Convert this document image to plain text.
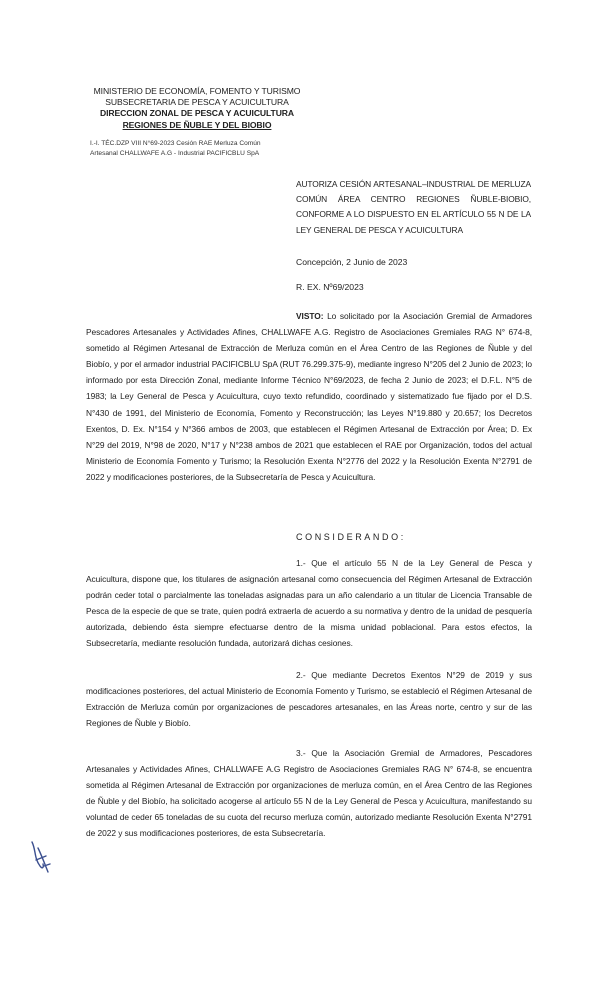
MINISTERIO DE ECONOMÍA, FOMENTO Y TURISMO
SUBSECRETARIA DE PESCA Y ACUICULTURA
DIRECCION ZONAL DE PESCA Y ACUICULTURA
REGIONES DE ÑUBLE Y DEL BIOBIO
I.-I. TÉC.DZP VIII N°69-2023 Cesión RAE Merluza Común
Artesanal CHALLWAFE A.G - Industrial PACIFICBLU SpA
AUTORIZA CESIÓN ARTESANAL–INDUSTRIAL DE MERLUZA COMÚN ÁREA CENTRO REGIONES ÑUBLE-BIOBIO, CONFORME A LO DISPUESTO EN EL ARTÍCULO 55 N DE LA LEY GENERAL DE PESCA Y ACUICULTURA
Concepción, 2 Junio de 2023
R. EX. Nº69/2023
VISTO: Lo solicitado por la Asociación Gremial de Armadores Pescadores Artesanales y Actividades Afines, CHALLWAFE A.G. Registro de Asociaciones Gremiales RAG N° 674-8, sometido al Régimen Artesanal de Extracción de Merluza común en el Área Centro de las Regiones de Ñuble y del Biobío, y por el armador industrial PACIFICBLU SpA (RUT 76.299.375-9), mediante ingreso N°205 del 2 Junio de 2023; lo informado por esta Dirección Zonal, mediante Informe Técnico N°69/2023, de fecha 2 Junio de 2023; el D.F.L. N°5 de 1983; la Ley General de Pesca y Acuicultura, cuyo texto refundido, coordinado y sistematizado fue fijado por el D.S. N°430 de 1991, del Ministerio de Economía, Fomento y Reconstrucción; las Leyes N°19.880 y 20.657; los Decretos Exentos, D. Ex. N°154 y N°366 ambos de 2003, que establecen el Régimen Artesanal de Extracción por Área; D. Ex N°29 del 2019, N°98 de 2020, N°17 y N°238 ambos de 2021 que establecen el RAE por Organización, todos del actual Ministerio de Economía Fomento y Turismo; la Resolución Exenta N°2776 del 2022 y la Resolución Exenta N°2791 de 2022 y modificaciones posteriores, de la Subsecretaría de Pesca y Acuicultura.
CONSIDERANDO:
1.- Que el artículo 55 N de la Ley General de Pesca y Acuicultura, dispone que, los titulares de asignación artesanal como consecuencia del Régimen Artesanal de Extracción podrán ceder total o parcialmente las toneladas asignadas para un año calendario a un titular de Licencia Transable de Pesca de la especie de que se trate, quien podrá extraerla de acuerdo a su normativa y dentro de la unidad de pesquería autorizada, debiendo ésta siempre efectuarse dentro de la misma unidad poblacional. Para estos efectos, la Subsecretaría, mediante resolución fundada, autorizará dichas cesiones.
2.- Que mediante Decretos Exentos N°29 de 2019 y sus modificaciones posteriores, del actual Ministerio de Economía Fomento y Turismo, se estableció el Régimen Artesanal de Extracción de Merluza común por organizaciones de pescadores artesanales, en las Áreas norte, centro y sur de las Regiones de Ñuble y Biobío.
3.- Que la Asociación Gremial de Armadores, Pescadores Artesanales y Actividades Afines, CHALLWAFE A.G Registro de Asociaciones Gremiales RAG N° 674-8, se encuentra sometida al Régimen Artesanal de Extracción por organizaciones de merluza común, en el Área Centro de las Regiones de Ñuble y del Biobío, ha solicitado acogerse al artículo 55 N de la Ley General de Pesca y Acuicultura, manifestando su voluntad de ceder 65 toneladas de su cuota del recurso merluza común, autorizado mediante Resolución Exenta N°2791 de 2022 y sus modificaciones posteriores, de esta Subsecretaría.
